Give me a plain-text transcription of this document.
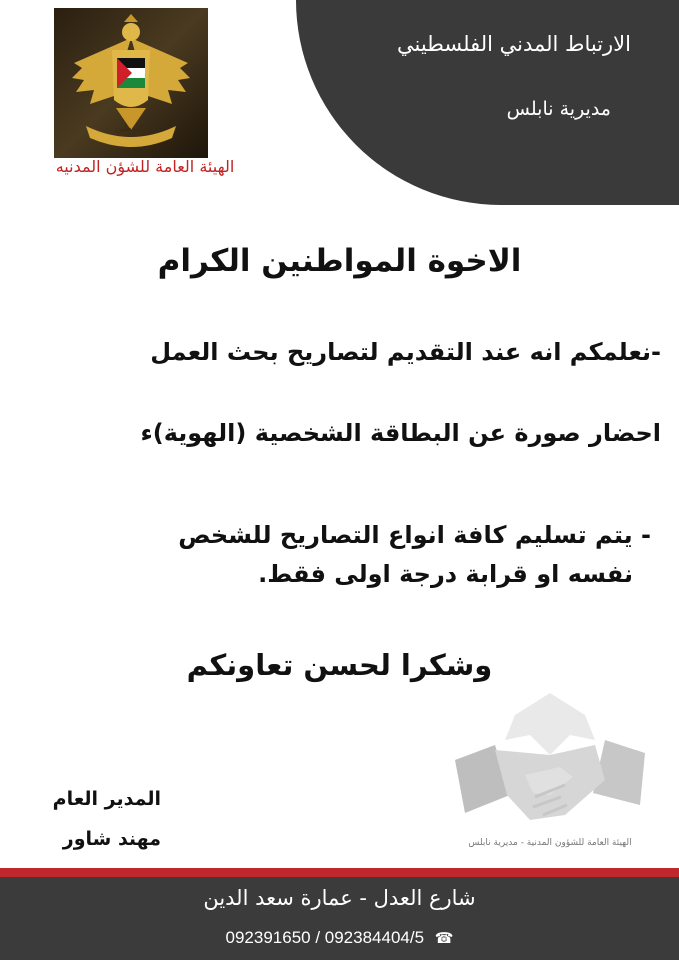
الارتباط المدني الفلسطيني
مديرية نابلس
فلسطين
الهيئة العامة للشؤن المدنيه
الاخوة المواطنين الكرام
-نعلمكم انه عند التقديم لتصاريح بحث العمل
احضار صورة عن البطاقة الشخصية (الهوية)ء
- يتم تسليم كافة انواع التصاريح للشخص
نفسه او قرابة درجة اولى فقط.
وشكرا لحسن تعاونكم
الهيئة العامة للشؤون المدنية - مديرية نابلس
المدير العام
مهند شاور
شارع العدل - عمارة سعد الدين
092391650 / 092384404/5 ☎
